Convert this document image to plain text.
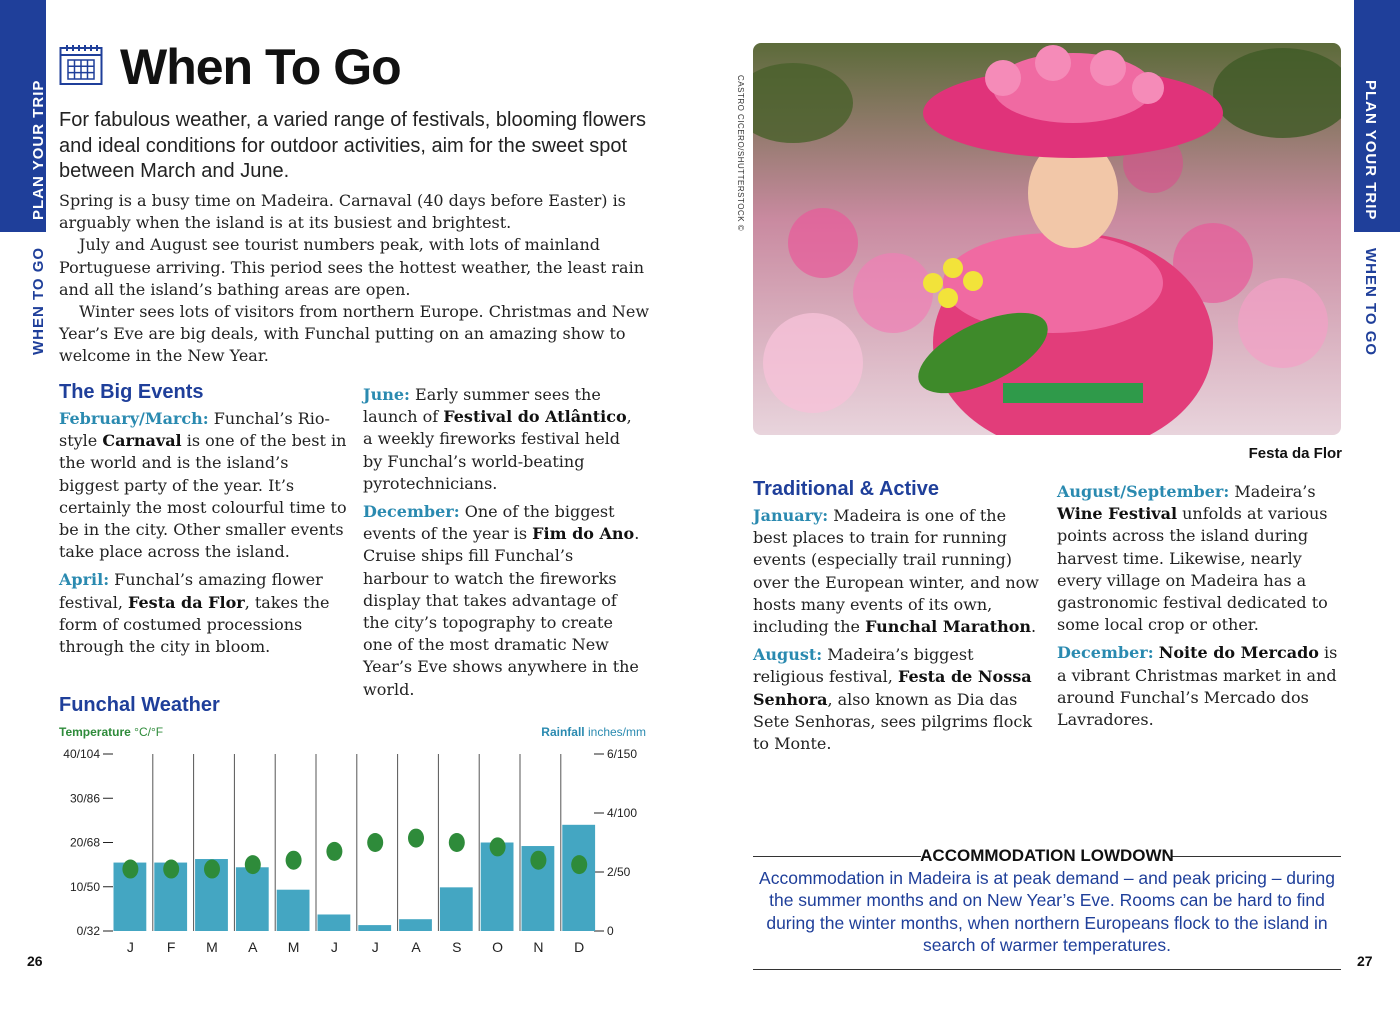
PLAN YOUR TRIP
WHEN TO GO
PLAN YOUR TRIP
WHEN TO GO
When To Go
For fabulous weather, a varied range of festivals, blooming flowers and ideal conditions for outdoor activities, aim for the sweet spot between March and June.

Spring is a busy time on Madeira. Carnaval (40 days before Easter) is arguably when the island is at its busiest and brightest.

July and August see tourist numbers peak, with lots of mainland Portuguese arriving. This period sees the hottest weather, the least rain and all the island’s bathing areas are open.

Winter sees lots of visitors from northern Europe. Christmas and New Year’s Eve are big deals, with Funchal putting on an amazing show to welcome in the New Year.

The Big Events

February/March: Funchal’s Rio-style Carnaval is one of the best in the world and is the island’s biggest party of the year. It’s certainly the most colourful time to be in the city. Other smaller events take place across the island.

April: Funchal’s amazing flower festival, Festa da Flor, takes the form of costumed processions through the city in bloom.

June: Early summer sees the launch of Festival do Atlântico, a weekly fireworks festival held by Funchal’s world-beating pyrotechnicians.

December: One of the biggest events of the year is Fim do Ano. Cruise ships fill Funchal’s harbour to watch the fireworks display that takes advantage of the city’s topography to create one of the most dramatic New Year’s Eve shows anywhere in the world.

CASTRO CICERO/SHUTTERSTOCK ©
Festa da Flor
Traditional & Active

January: Madeira is one of the best places to train for running events (especially trail running) over the European winter, and now hosts many events of its own, including the Funchal Marathon.

August: Madeira’s biggest religious festival, Festa de Nossa Senhora, also known as Dia das Sete Senhoras, sees pilgrims flock to Monte.

August/September: Madeira’s Wine Festival unfolds at various points across the island during harvest time. Likewise, nearly every village on Madeira has a gastronomic festival dedicated to some local crop or other.

December: Noite do Mercado is a vibrant Christmas market in and around Funchal’s Mercado dos Lavradores.

Funchal Weather
Temperature °C/°F	Rainfall inches/mm
40/104
30/86
20/68
10/50
0/32
6/150
4/100
2/50
0
J F M A M J J A S O N D
ACCOMMODATION LOWDOWN
Accommodation in Madeira is at peak demand – and peak pricing – during the summer months and on New Year’s Eve. Rooms can be hard to find during the winter months, when northern Europeans flock to the island in search of warmer temperatures.
26	27
